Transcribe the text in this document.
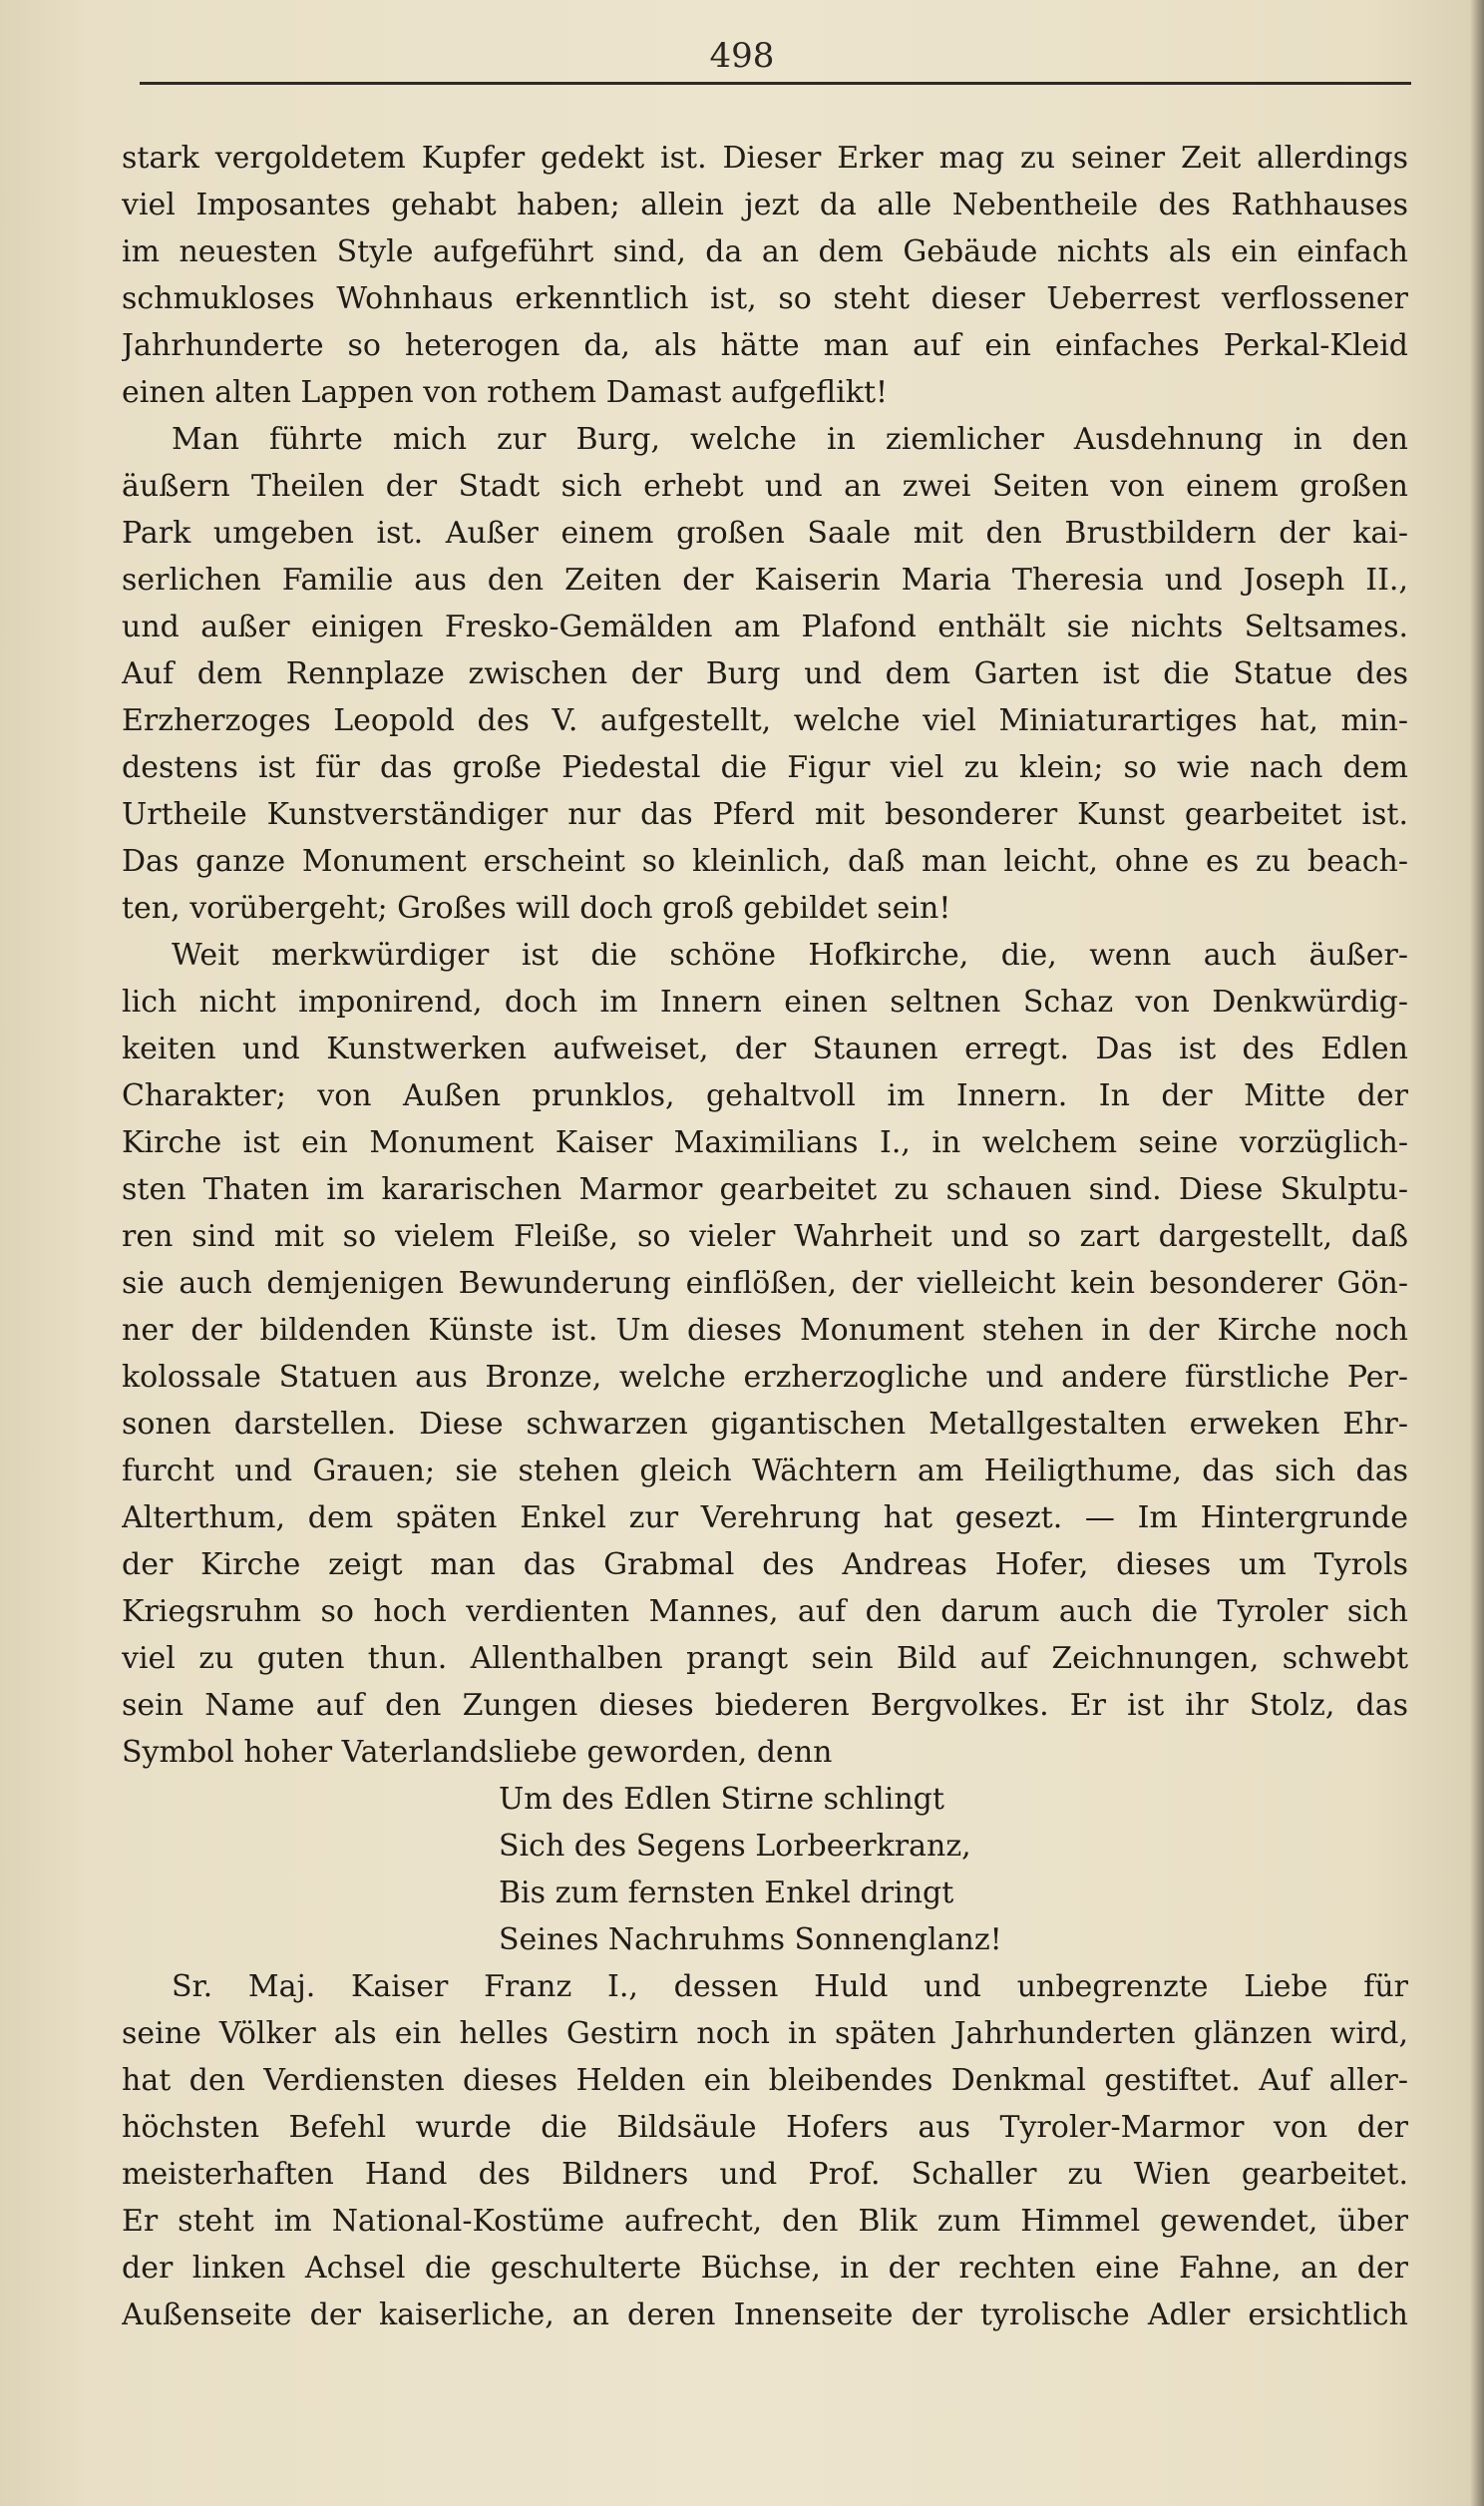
498
stark vergoldetem Kupfer gedekt ist. Dieser Erker mag zu seiner Zeit allerdings
viel Imposantes gehabt haben; allein jezt da alle Nebentheile des Rathhauses
im neuesten Style aufgeführt sind, da an dem Gebäude nichts als ein einfach
schmukloses Wohnhaus erkenntlich ist, so steht dieser Ueberrest verflossener
Jahrhunderte so heterogen da, als hätte man auf ein einfaches Perkal-Kleid
einen alten Lappen von rothem Damast aufgeflikt!
Man führte mich zur Burg, welche in ziemlicher Ausdehnung in den
äußern Theilen der Stadt sich erhebt und an zwei Seiten von einem großen
Park umgeben ist. Außer einem großen Saale mit den Brustbildern der kai-
serlichen Familie aus den Zeiten der Kaiserin Maria Theresia und Joseph II.,
und außer einigen Fresko-Gemälden am Plafond enthält sie nichts Seltsames.
Auf dem Rennplaze zwischen der Burg und dem Garten ist die Statue des
Erzherzoges Leopold des V. aufgestellt, welche viel Miniaturartiges hat, min-
destens ist für das große Piedestal die Figur viel zu klein; so wie nach dem
Urtheile Kunstverständiger nur das Pferd mit besonderer Kunst gearbeitet ist.
Das ganze Monument erscheint so kleinlich, daß man leicht, ohne es zu beach-
ten, vorübergeht; Großes will doch groß gebildet sein!
Weit merkwürdiger ist die schöne Hofkirche, die, wenn auch äußer-
lich nicht imponirend, doch im Innern einen seltnen Schaz von Denkwürdig-
keiten und Kunstwerken aufweiset, der Staunen erregt. Das ist des Edlen
Charakter; von Außen prunklos, gehaltvoll im Innern. In der Mitte der
Kirche ist ein Monument Kaiser Maximilians I., in welchem seine vorzüglich-
sten Thaten im kararischen Marmor gearbeitet zu schauen sind. Diese Skulptu-
ren sind mit so vielem Fleiße, so vieler Wahrheit und so zart dargestellt, daß
sie auch demjenigen Bewunderung einflößen, der vielleicht kein besonderer Gön-
ner der bildenden Künste ist. Um dieses Monument stehen in der Kirche noch
kolossale Statuen aus Bronze, welche erzherzogliche und andere fürstliche Per-
sonen darstellen. Diese schwarzen gigantischen Metallgestalten erweken Ehr-
furcht und Grauen; sie stehen gleich Wächtern am Heiligthume, das sich das
Alterthum, dem späten Enkel zur Verehrung hat gesezt. — Im Hintergrunde
der Kirche zeigt man das Grabmal des Andreas Hofer, dieses um Tyrols
Kriegsruhm so hoch verdienten Mannes, auf den darum auch die Tyroler sich
viel zu guten thun. Allenthalben prangt sein Bild auf Zeichnungen, schwebt
sein Name auf den Zungen dieses biederen Bergvolkes. Er ist ihr Stolz, das
Symbol hoher Vaterlandsliebe geworden, denn
Um des Edlen Stirne schlingt
Sich des Segens Lorbeerkranz,
Bis zum fernsten Enkel dringt
Seines Nachruhms Sonnenglanz!
Sr. Maj. Kaiser Franz I., dessen Huld und unbegrenzte Liebe für
seine Völker als ein helles Gestirn noch in späten Jahrhunderten glänzen wird,
hat den Verdiensten dieses Helden ein bleibendes Denkmal gestiftet. Auf aller-
höchsten Befehl wurde die Bildsäule Hofers aus Tyroler-Marmor von der
meisterhaften Hand des Bildners und Prof. Schaller zu Wien gearbeitet.
Er steht im National-Kostüme aufrecht, den Blik zum Himmel gewendet, über
der linken Achsel die geschulterte Büchse, in der rechten eine Fahne, an der
Außenseite der kaiserliche, an deren Innenseite der tyrolische Adler ersichtlich
